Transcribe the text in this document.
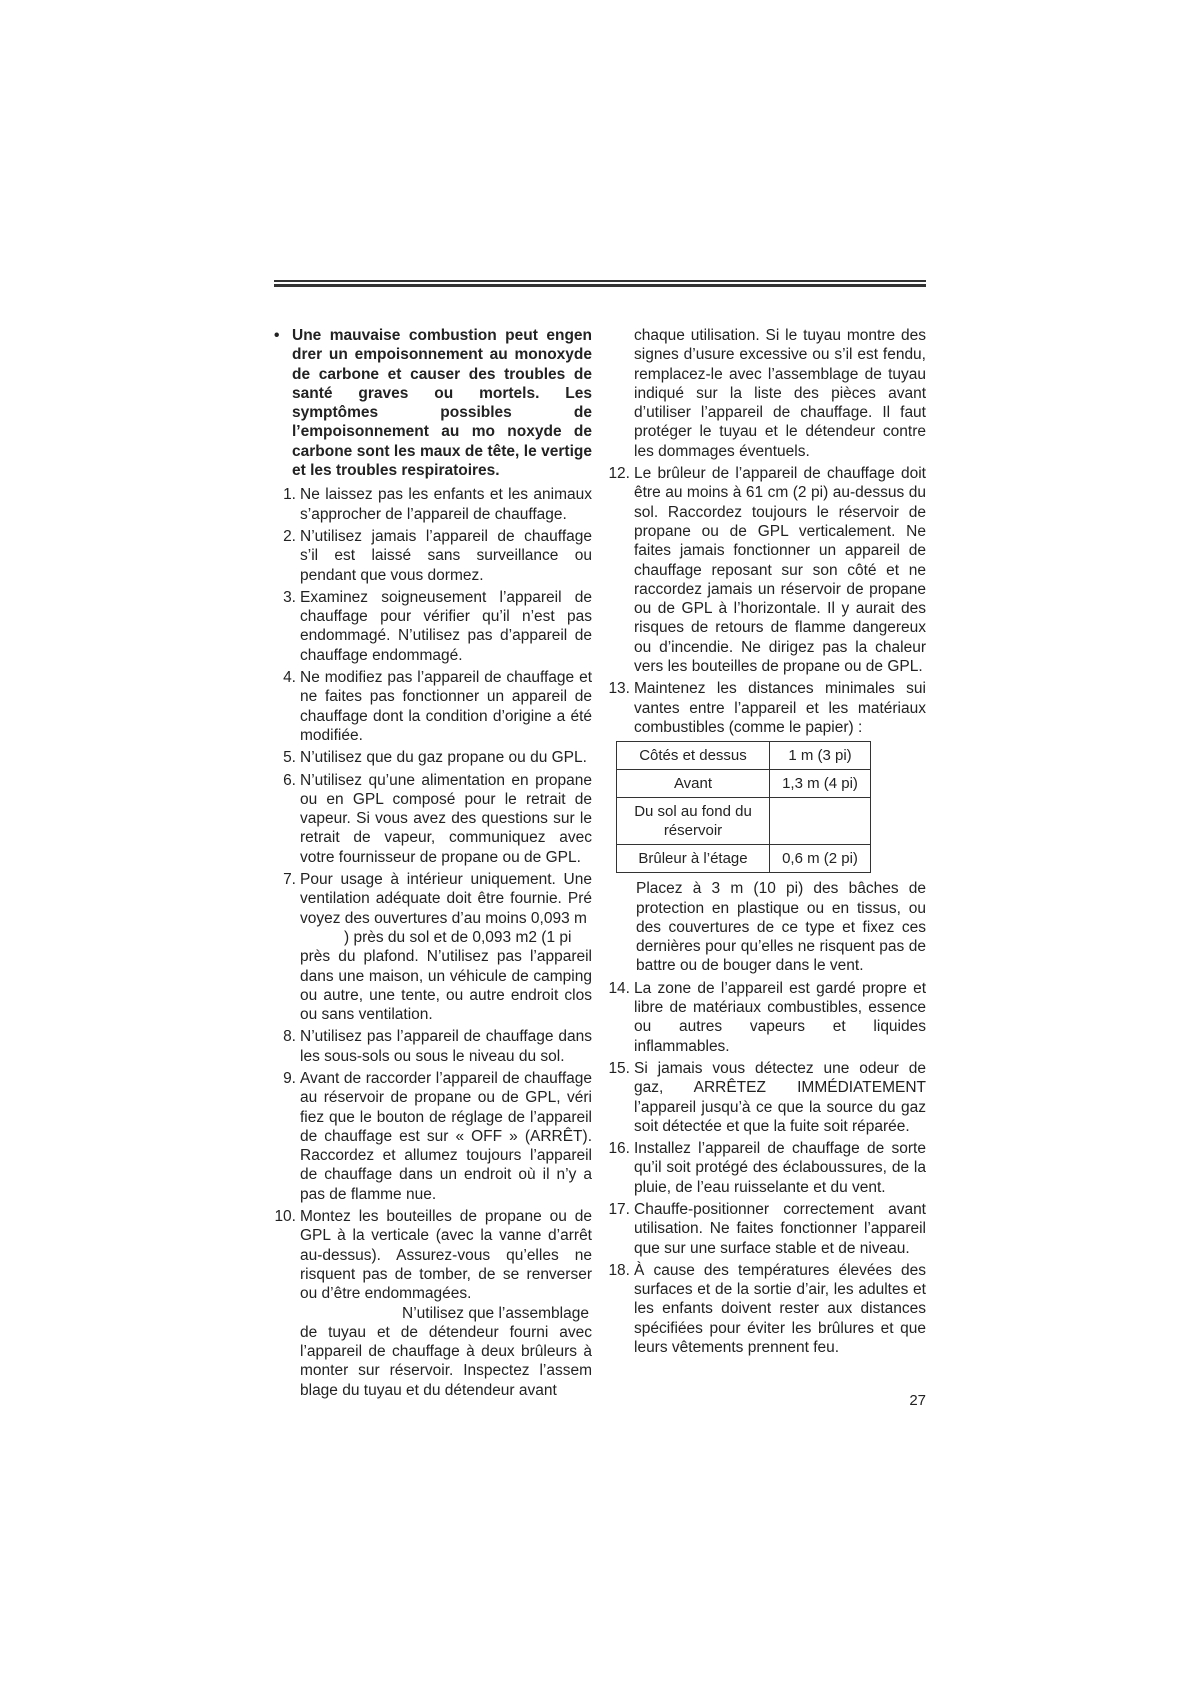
• Une mauvaise combustion peut engen drer un empoisonnement au monoxyde de carbone et causer des troubles de santé graves ou mortels. Les symptômes possibles de l’empoisonnement au mo noxyde de carbone sont les maux de tête, le vertige et les troubles respiratoires.
1. Ne laissez pas les enfants et les animaux s’approcher de l’appareil de chauffage.
2. N’utilisez jamais l’appareil de chauffage s’il est laissé sans surveillance ou pendant que vous dormez.
3. Examinez soigneusement l’appareil de chauffage pour vérifier qu’il n’est pas endommagé. N’utilisez pas d’appareil de chauffage endommagé.
4. Ne modifiez pas l’appareil de chauffage et ne faites pas fonctionner un appareil de chauffage dont la condition d’origine a été modifiée.
5. N’utilisez que du gaz propane ou du GPL.
6. N’utilisez qu’une alimentation en propane ou en GPL composé pour le retrait de vapeur. Si vous avez des questions sur le retrait de vapeur, communiquez avec votre fournisseur de propane ou de GPL.
7. Pour usage à intérieur uniquement. Une ventilation adéquate doit être fournie. Pré voyez des ouvertures d’au moins 0,093 m
) près du sol et de 0,093 m2 (1 pi
près du plafond. N’utilisez pas l’appareil dans une maison, un véhicule de camping ou autre, une tente, ou autre endroit clos ou sans ventilation.
8. N’utilisez pas l’appareil de chauffage dans les sous-sols ou sous le niveau du sol.
9. Avant de raccorder l’appareil de chauffage au réservoir de propane ou de GPL, véri fiez que le bouton de réglage de l’appareil de chauffage est sur « OFF » (ARRÊT). Raccordez et allumez toujours l’appareil de chauffage dans un endroit où il n’y a pas de flamme nue.
10. Montez les bouteilles de propane ou de GPL à la verticale (avec la vanne d’arrêt au-dessus). Assurez-vous qu’elles ne risquent pas de tomber, de se renverser ou d’être endommagées.
N’utilisez que l’assemblage
de tuyau et de détendeur fourni avec l’appareil de chauffage à deux brûleurs à monter sur réservoir. Inspectez l’assem blage du tuyau et du détendeur avant
chaque utilisation. Si le tuyau montre des signes d’usure excessive ou s’il est fendu, remplacez-le avec l’assemblage de tuyau indiqué sur la liste des pièces avant d’utiliser l’appareil de chauffage. Il faut protéger le tuyau et le détendeur contre les dommages éventuels.
12. Le brûleur de l’appareil de chauffage doit être au moins à 61 cm (2 pi) au-dessus du sol. Raccordez toujours le réservoir de propane ou de GPL verticalement. Ne faites jamais fonctionner un appareil de chauffage reposant sur son côté et ne raccordez jamais un réservoir de propane ou de GPL à l’horizontale. Il y aurait des risques de retours de flamme dangereux ou d’incendie. Ne dirigez pas la chaleur vers les bouteilles de propane ou de GPL.
13. Maintenez les distances minimales sui vantes entre l’appareil et les matériaux combustibles (comme le papier) :
Côtés et dessus	1 m (3 pi)
Avant	1,3 m (4 pi)
Du sol au fond du réservoir	
Brûleur à l’étage	0,6 m (2 pi)
Placez à 3 m (10 pi) des bâches de protection en plastique ou en tissus, ou des couvertures de ce type et fixez ces dernières pour qu’elles ne risquent pas de battre ou de bouger dans le vent.
14. La zone de l’appareil est gardé propre et libre de matériaux combustibles, essence ou autres vapeurs et liquides inflammables.
15. Si jamais vous détectez une odeur de gaz, ARRÊTEZ IMMÉDIATEMENT l’appareil jusqu’à ce que la source du gaz soit détectée et que la fuite soit réparée.
16. Installez l’appareil de chauffage de sorte qu’il soit protégé des éclaboussures, de la pluie, de l’eau ruisselante et du vent.
17. Chauffe-positionner correctement avant utilisation. Ne faites fonctionner l’appareil que sur une surface stable et de niveau.
18. À cause des températures élevées des surfaces et de la sortie d’air, les adultes et les enfants doivent rester aux distances spécifiées pour éviter les brûlures et que leurs vêtements prennent feu.
27
